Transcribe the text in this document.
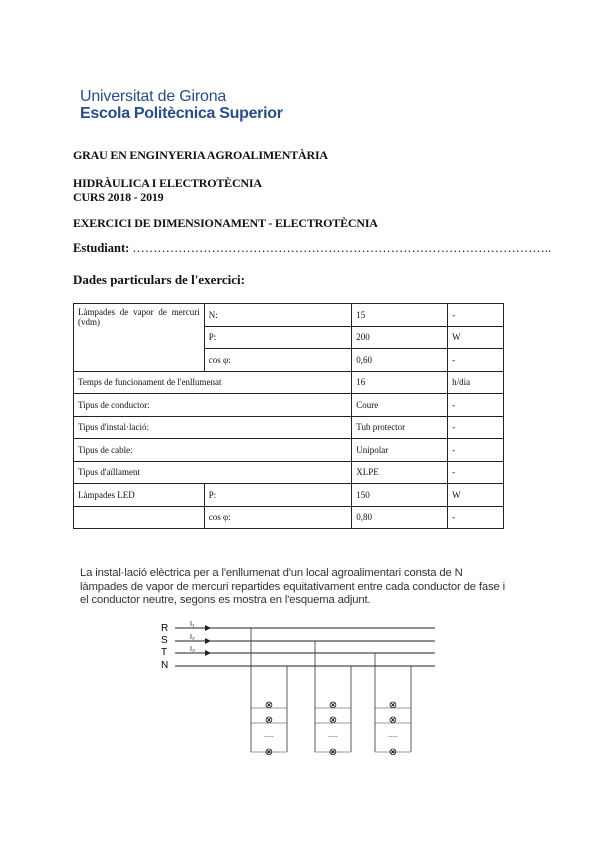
Universitat de Girona
Escola Politècnica Superior
GRAU EN ENGINYERIA AGROALIMENTÀRIA
HIDRÀULICA I ELECTROTÈCNIA
CURS 2018 - 2019
EXERCICI DE DIMENSIONAMENT - ELECTROTÈCNIA
Estudiant: ………………………………………………………………………………………..
Dades particulars de l'exercici:
Làmpades de vapor de mercuri (vdm)	N:	15	-
	P:	200	W
	cos φ:	0,60	-
Temps de funcionament de l'enllumenat		16	h/dia
Tipus de conductor:		Coure	-
Tipus d'instal·lació:		Tub protector	-
Tipus de cable:		Unipolar	-
Tipus d'aïllament		XLPE	-
Làmpades LED	P:	150	W
	cos φ:	0,80	-
La instal·lació elèctrica per a l'enllumenat d'un local agroalimentari consta de N làmpades de vapor de mercuri repartides equitativament entre cada conductor de fase i el conductor neutre, segons es mostra en l'esquema adjunt.
R
S
T
N
I₁
I₂
I₃
⊗
⊗
.....
⊗
⊗
⊗
.....
⊗
⊗
⊗
.....
⊗
